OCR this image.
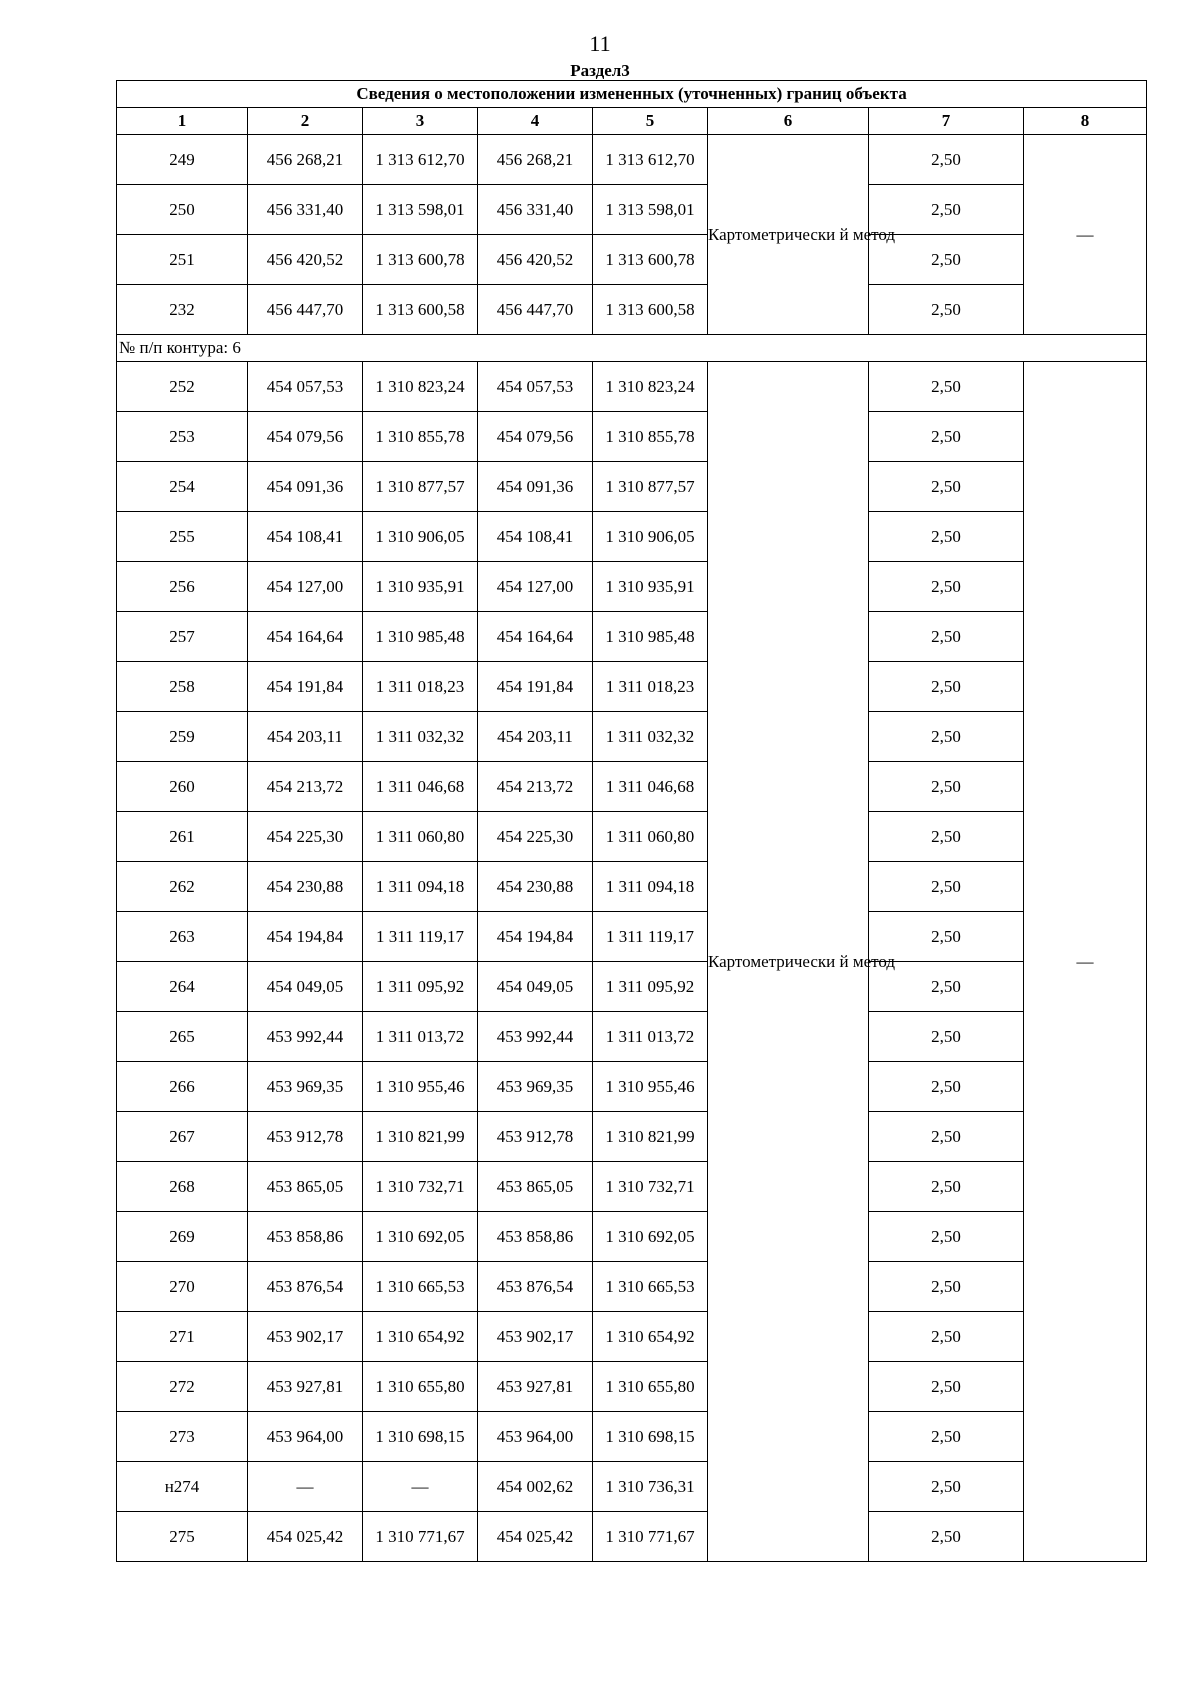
11
Раздел3
Сведения о местоположении измененных (уточненных) границ объекта							
1	2	3	4	5	6	7	8
249	456 268,21	1 313 612,70	456 268,21	1 313 612,70	Картометрически й метод	2,50	—
250	456 331,40	1 313 598,01	456 331,40	1 313 598,01		2,50	
251	456 420,52	1 313 600,78	456 420,52	1 313 600,78		2,50	
232	456 447,70	1 313 600,58	456 447,70	1 313 600,58		2,50	
№ п/п контура: 6							
252	454 057,53	1 310 823,24	454 057,53	1 310 823,24	Картометрически й метод	2,50	—
253	454 079,56	1 310 855,78	454 079,56	1 310 855,78		2,50	
254	454 091,36	1 310 877,57	454 091,36	1 310 877,57		2,50	
255	454 108,41	1 310 906,05	454 108,41	1 310 906,05		2,50	
256	454 127,00	1 310 935,91	454 127,00	1 310 935,91		2,50	
257	454 164,64	1 310 985,48	454 164,64	1 310 985,48		2,50	
258	454 191,84	1 311 018,23	454 191,84	1 311 018,23		2,50	
259	454 203,11	1 311 032,32	454 203,11	1 311 032,32		2,50	
260	454 213,72	1 311 046,68	454 213,72	1 311 046,68		2,50	
261	454 225,30	1 311 060,80	454 225,30	1 311 060,80		2,50	
262	454 230,88	1 311 094,18	454 230,88	1 311 094,18		2,50	
263	454 194,84	1 311 119,17	454 194,84	1 311 119,17		2,50	
264	454 049,05	1 311 095,92	454 049,05	1 311 095,92		2,50	
265	453 992,44	1 311 013,72	453 992,44	1 311 013,72		2,50	
266	453 969,35	1 310 955,46	453 969,35	1 310 955,46		2,50	
267	453 912,78	1 310 821,99	453 912,78	1 310 821,99		2,50	
268	453 865,05	1 310 732,71	453 865,05	1 310 732,71		2,50	
269	453 858,86	1 310 692,05	453 858,86	1 310 692,05		2,50	
270	453 876,54	1 310 665,53	453 876,54	1 310 665,53		2,50	
271	453 902,17	1 310 654,92	453 902,17	1 310 654,92		2,50	
272	453 927,81	1 310 655,80	453 927,81	1 310 655,80		2,50	
273	453 964,00	1 310 698,15	453 964,00	1 310 698,15		2,50	
н274	—	—	454 002,62	1 310 736,31		2,50	
275	454 025,42	1 310 771,67	454 025,42	1 310 771,67		2,50	
